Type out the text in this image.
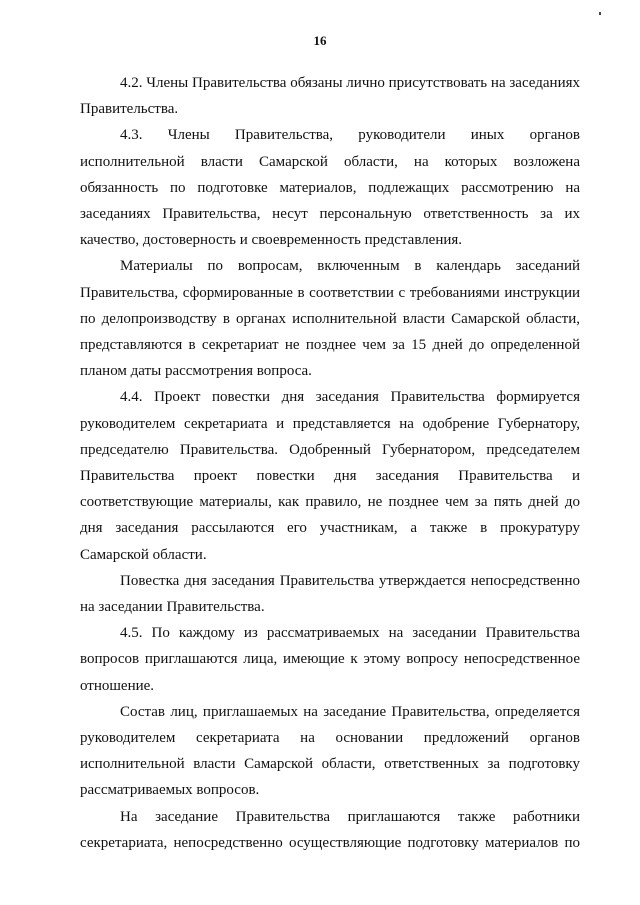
16

4.2. Члены Правительства обязаны лично присутствовать на заседаниях Правительства.

4.3. Члены Правительства, руководители иных органов исполнительной власти Самарской области, на которых возложена обязанность по подготовке материалов, подлежащих рассмотрению на заседаниях Правительства, несут персональную ответственность за их качество, достоверность и своевременность представления.

Материалы по вопросам, включенным в календарь заседаний Правительства, сформированные в соответствии с требованиями инструкции по делопроизводству в органах исполнительной власти Самарской области, представляются в секретариат не позднее чем за 15 дней до определенной планом даты рассмотрения вопроса.

4.4. Проект повестки дня заседания Правительства формируется руководителем секретариата и представляется на одобрение Губернатору, председателю Правительства. Одобренный Губернатором, председателем Правительства проект повестки дня заседания Правительства и соответствующие материалы, как правило, не позднее чем за пять дней до дня заседания рассылаются его участникам, а также в прокуратуру Самарской области.

Повестка дня заседания Правительства утверждается непосредственно на заседании Правительства.

4.5. По каждому из рассматриваемых на заседании Правительства вопросов приглашаются лица, имеющие к этому вопросу непосредственное отношение.

Состав лиц, приглашаемых на заседание Правительства, определяется руководителем секретариата на основании предложений органов исполнительной власти Самарской области, ответственных за подготовку рассматриваемых вопросов.

На заседание Правительства приглашаются также работники секретариата, непосредственно осуществляющие подготовку материалов по
